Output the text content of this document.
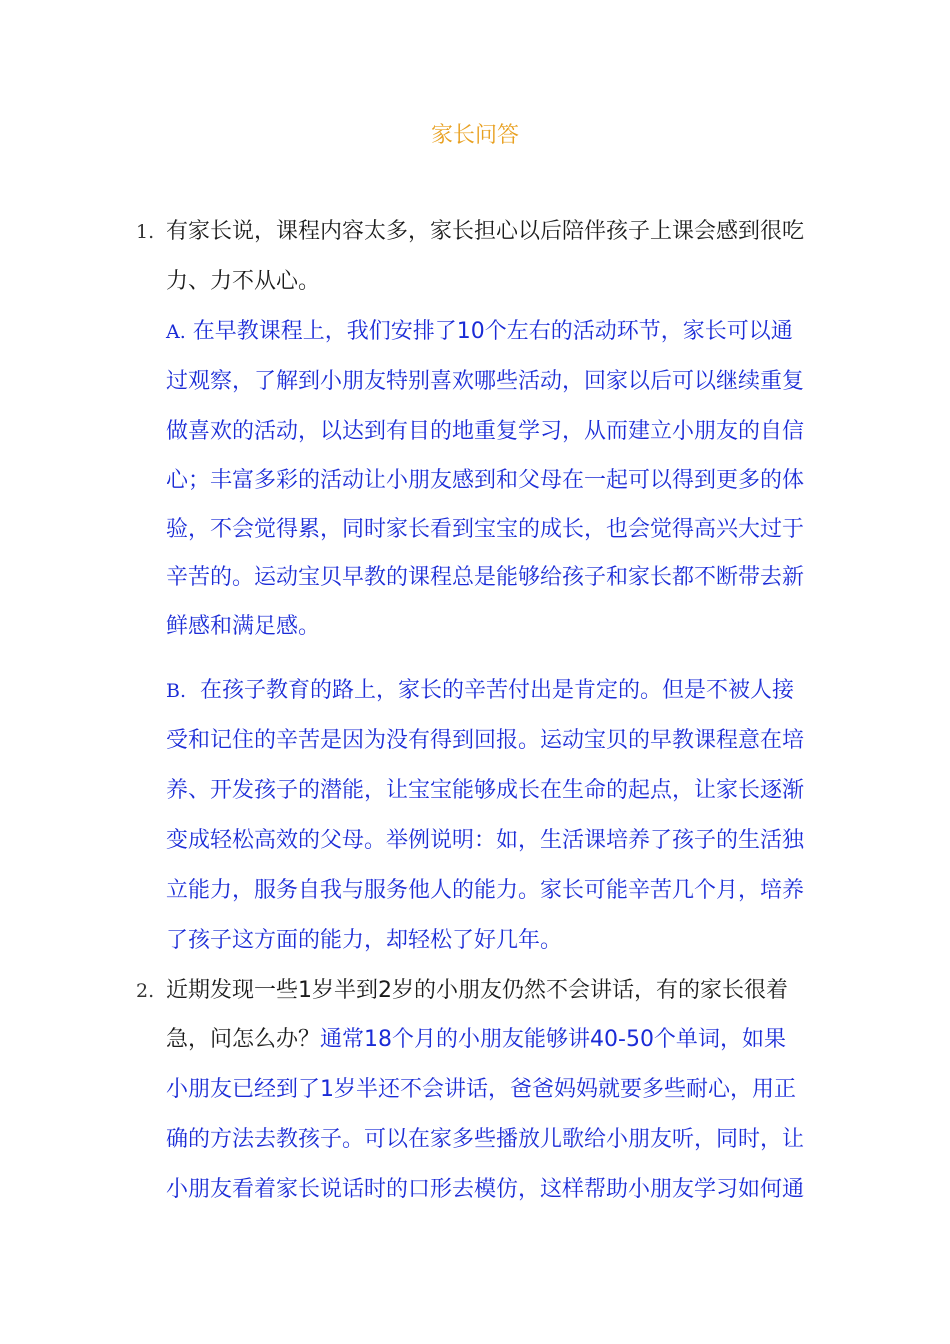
家长问答
1. 有家长说，课程内容太多，家长担心以后陪伴孩子上课会感到很吃
力、力不从心。
A. 在早教课程上，我们安排了10个左右的活动环节，家长可以通
过观察，了解到小朋友特别喜欢哪些活动，回家以后可以继续重复
做喜欢的活动，以达到有目的地重复学习，从而建立小朋友的自信
心；丰富多彩的活动让小朋友感到和父母在一起可以得到更多的体
验，不会觉得累，同时家长看到宝宝的成长，也会觉得高兴大过于
辛苦的。运动宝贝早教的课程总是能够给孩子和家长都不断带去新
鲜感和满足感。
B. 在孩子教育的路上，家长的辛苦付出是肯定的。但是不被人接
受和记住的辛苦是因为没有得到回报。运动宝贝的早教课程意在培
养、开发孩子的潜能，让宝宝能够成长在生命的起点，让家长逐渐
变成轻松高效的父母。举例说明：如，生活课培养了孩子的生活独
立能力，服务自我与服务他人的能力。家长可能辛苦几个月，培养
了孩子这方面的能力，却轻松了好几年。
2. 近期发现一些1岁半到2岁的小朋友仍然不会讲话，有的家长很着
急，问怎么办？通常18个月的小朋友能够讲40-50个单词，如果
小朋友已经到了1岁半还不会讲话，爸爸妈妈就要多些耐心，用正
确的方法去教孩子。可以在家多些播放儿歌给小朋友听，同时，让
小朋友看着家长说话时的口形去模仿，这样帮助小朋友学习如何通
